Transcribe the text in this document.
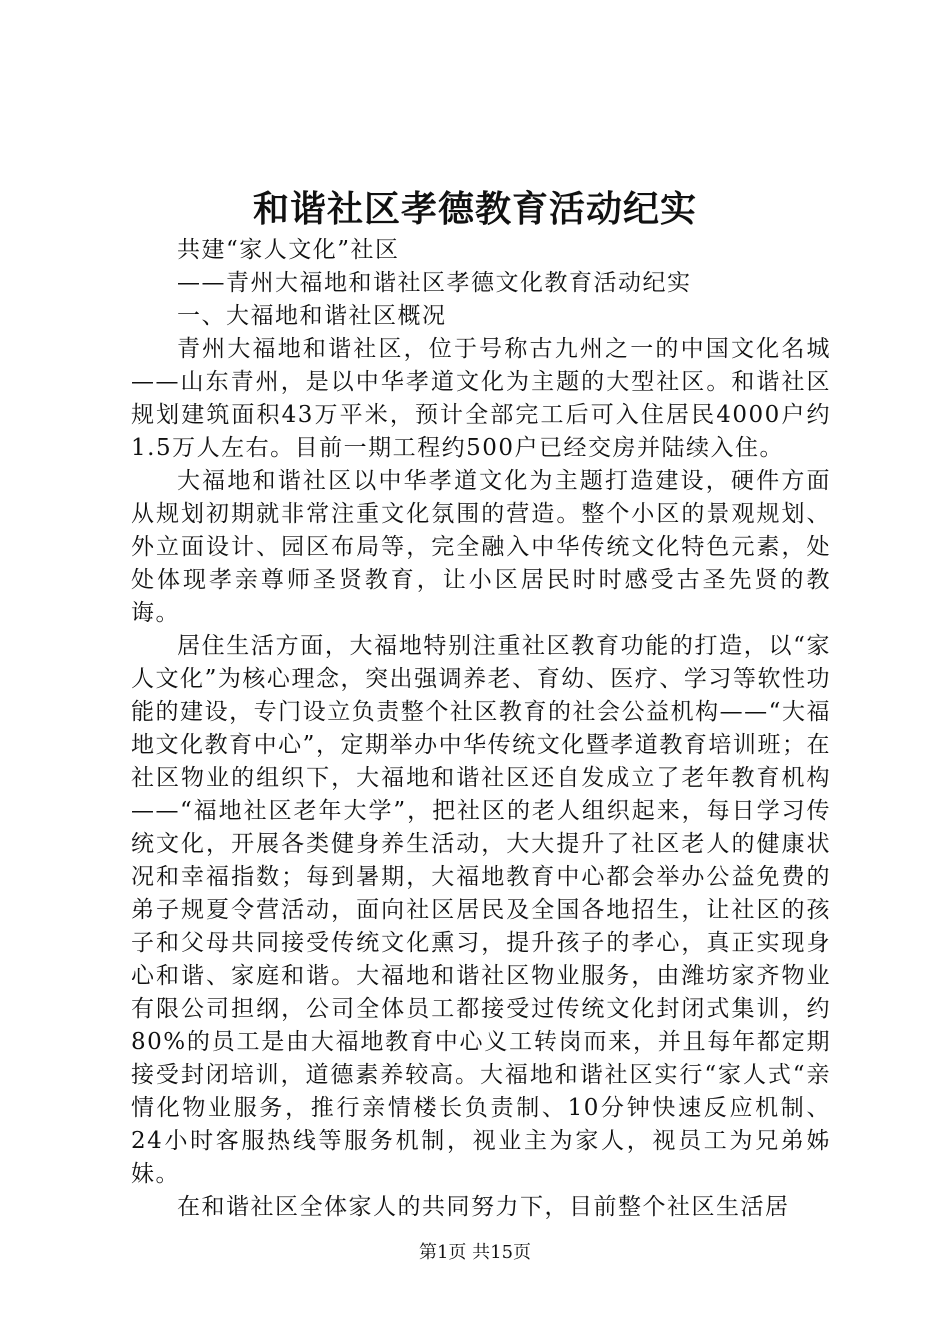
和谐社区孝德教育活动纪实

共建“家人文化”社区

——青州大福地和谐社区孝德文化教育活动纪实

一、大福地和谐社区概况

青州大福地和谐社区，位于号称古九州之一的中国文化名城——山东青州，是以中华孝道文化为主题的大型社区。和谐社区规划建筑面积43万平米，预计全部完工后可入住居民4000户约1.5万人左右。目前一期工程约500户已经交房并陆续入住。

大福地和谐社区以中华孝道文化为主题打造建设，硬件方面从规划初期就非常注重文化氛围的营造。整个小区的景观规划、外立面设计、园区布局等，完全融入中华传统文化特色元素，处处体现孝亲尊师圣贤教育，让小区居民时时感受古圣先贤的教诲。

居住生活方面，大福地特别注重社区教育功能的打造，以“家人文化”为核心理念，突出强调养老、育幼、医疗、学习等软性功能的建设，专门设立负责整个社区教育的社会公益机构——“大福地文化教育中心”，定期举办中华传统文化暨孝道教育培训班；在社区物业的组织下，大福地和谐社区还自发成立了老年教育机构——“福地社区老年大学”，把社区的老人组织起来，每日学习传统文化，开展各类健身养生活动，大大提升了社区老人的健康状况和幸福指数；每到暑期，大福地教育中心都会举办公益免费的弟子规夏令营活动，面向社区居民及全国各地招生，让社区的孩子和父母共同接受传统文化熏习，提升孩子的孝心，真正实现身心和谐、家庭和谐。大福地和谐社区物业服务，由潍坊家齐物业有限公司担纲，公司全体员工都接受过传统文化封闭式集训，约80%的员工是由大福地教育中心义工转岗而来，并且每年都定期接受封闭培训，道德素养较高。大福地和谐社区实行“家人式“亲情化物业服务，推行亲情楼长负责制、10分钟快速反应机制、24小时客服热线等服务机制，视业主为家人，视员工为兄弟姊妹。

在和谐社区全体家人的共同努力下，目前整个社区生活居

第1页 共15页
